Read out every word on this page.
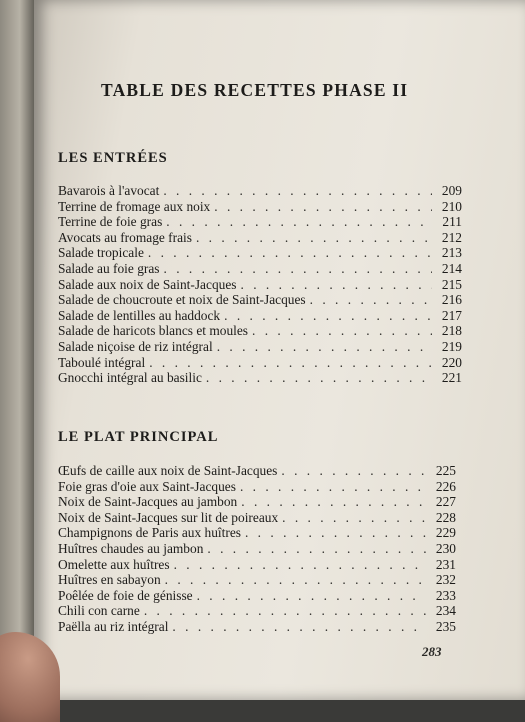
TABLE DES RECETTES PHASE II
LES ENTRÉES
Bavarois à l'avocat . . .	209
Terrine de fromage aux noix . . .	210
Terrine de foie gras . . .	211
Avocats au fromage frais . . .	212
Salade tropicale . . .	213
Salade au foie gras . . .	214
Salade aux noix de Saint-Jacques . . .	215
Salade de choucroute et noix de Saint-Jacques . . .	216
Salade de lentilles au haddock . . .	217
Salade de haricots blancs et moules . . .	218
Salade niçoise de riz intégral . . .	219
Taboulé intégral . . .	220
Gnocchi intégral au basilic . . .	221
LE PLAT PRINCIPAL
Œufs de caille aux noix de Saint-Jacques . . .	225
Foie gras d'oie aux Saint-Jacques . . .	226
Noix de Saint-Jacques au jambon . . .	227
Noix de Saint-Jacques sur lit de poireaux . . .	228
Champignons de Paris aux huîtres . . .	229
Huîtres chaudes au jambon . . .	230
Omelette aux huîtres . . .	231
Huîtres en sabayon . . .	232
Poêlée de foie de génisse . . .	233
Chili con carne . . .	234
Paëlla au riz intégral . . .	235
283
